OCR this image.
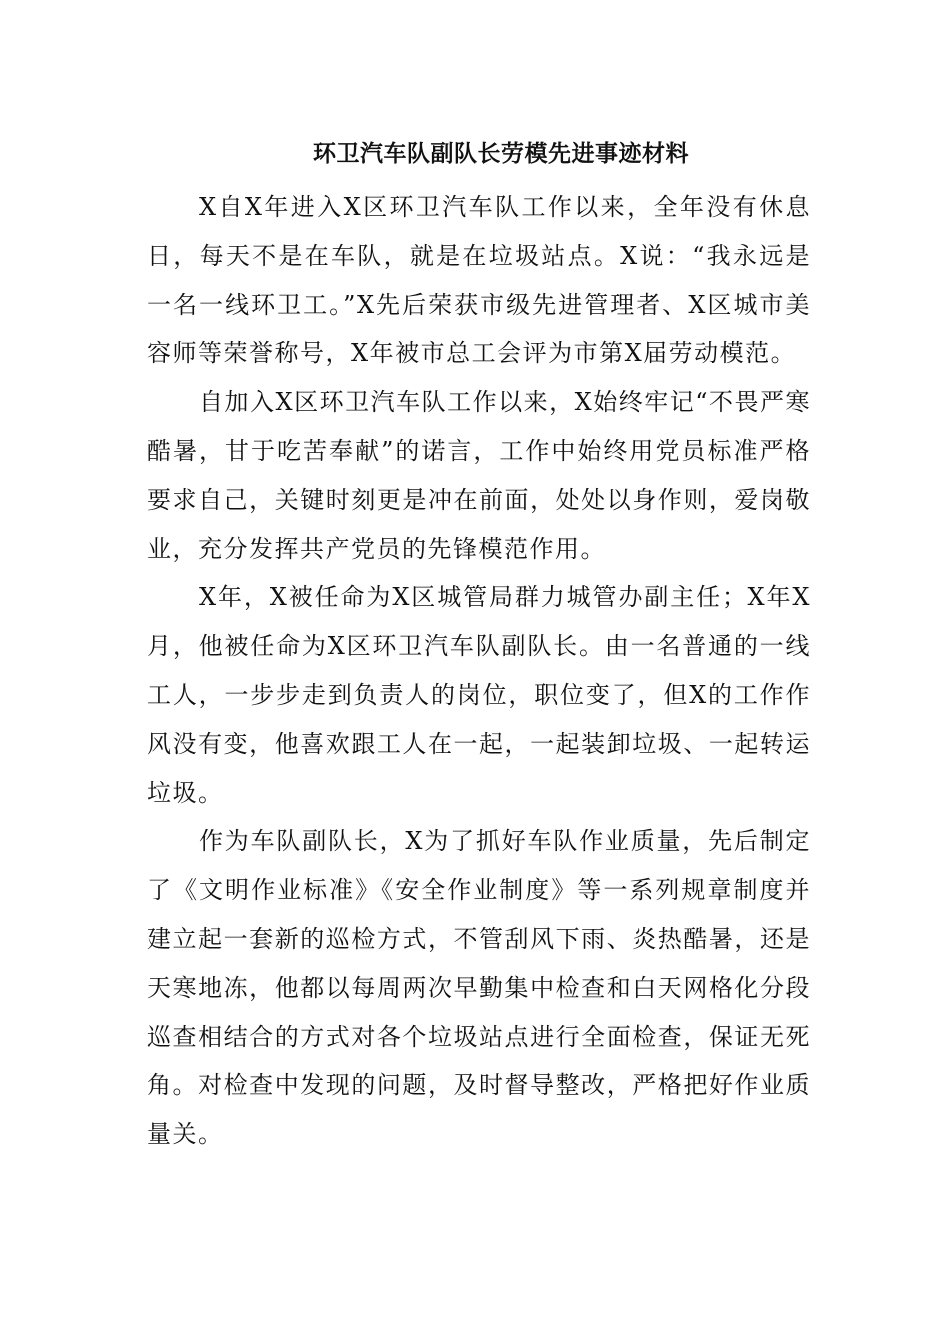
环卫汽车队副队长劳模先进事迹材料

X自X年进入X区环卫汽车队工作以来，全年没有休息日，每天不是在车队，就是在垃圾站点。X说：“我永远是一名一线环卫工。”X先后荣获市级先进管理者、X区城市美容师等荣誉称号，X年被市总工会评为市第X届劳动模范。

自加入X区环卫汽车队工作以来，X始终牢记“不畏严寒酷暑，甘于吃苦奉献”的诺言，工作中始终用党员标准严格要求自己，关键时刻更是冲在前面，处处以身作则，爱岗敬业，充分发挥共产党员的先锋模范作用。

X年，X被任命为X区城管局群力城管办副主任；X年X月，他被任命为X区环卫汽车队副队长。由一名普通的一线工人，一步步走到负责人的岗位，职位变了，但X的工作作风没有变，他喜欢跟工人在一起，一起装卸垃圾、一起转运垃圾。

作为车队副队长，X为了抓好车队作业质量，先后制定了《文明作业标准》《安全作业制度》等一系列规章制度并建立起一套新的巡检方式，不管刮风下雨、炎热酷暑，还是天寒地冻，他都以每周两次早勤集中检查和白天网格化分段巡查相结合的方式对各个垃圾站点进行全面检查，保证无死角。对检查中发现的问题，及时督导整改，严格把好作业质量关。
